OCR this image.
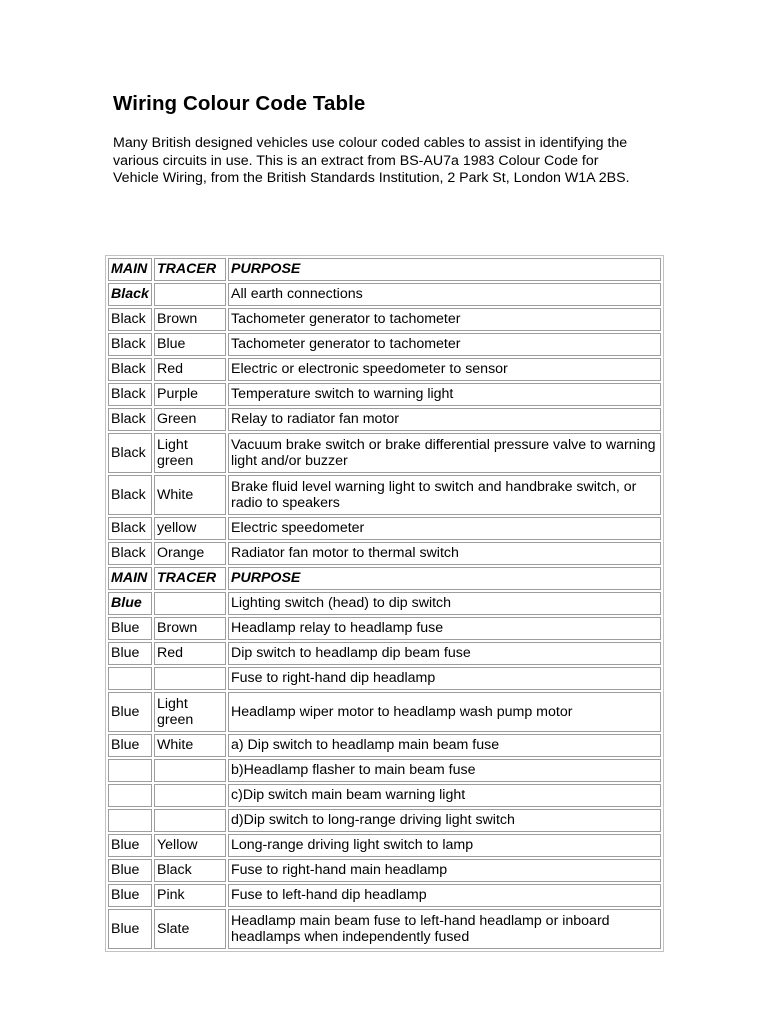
Wiring Colour Code Table

Many British designed vehicles use colour coded cables to assist in identifying the various circuits in use. This is an extract from BS-AU7a 1983 Colour Code for Vehicle Wiring, from the British Standards Institution, 2 Park St, London W1A 2BS.

MAIN	TRACER	PURPOSE
Black		All earth connections
Black	Brown	Tachometer generator to tachometer
Black	Blue	Tachometer generator to tachometer
Black	Red	Electric or electronic speedometer to sensor
Black	Purple	Temperature switch to warning light
Black	Green	Relay to radiator fan motor
Black	Light green	Vacuum brake switch or brake differential pressure valve to warning light and/or buzzer
Black	White	Brake fluid level warning light to switch and handbrake switch, or radio to speakers
Black	yellow	Electric speedometer
Black	Orange	Radiator fan motor to thermal switch
MAIN	TRACER	PURPOSE
Blue		Lighting switch (head) to dip switch
Blue	Brown	Headlamp relay to headlamp fuse
Blue	Red	Dip switch to headlamp dip beam fuse
		Fuse to right-hand dip headlamp
Blue	Light green	Headlamp wiper motor to headlamp wash pump motor
Blue	White	a) Dip switch to headlamp main beam fuse
		b)Headlamp flasher to main beam fuse
		c)Dip switch main beam warning light
		d)Dip switch to long-range driving light switch
Blue	Yellow	Long-range driving light switch to lamp
Blue	Black	Fuse to right-hand main headlamp
Blue	Pink	Fuse to left-hand dip headlamp
Blue	Slate	Headlamp main beam fuse to left-hand headlamp or inboard headlamps when independently fused
